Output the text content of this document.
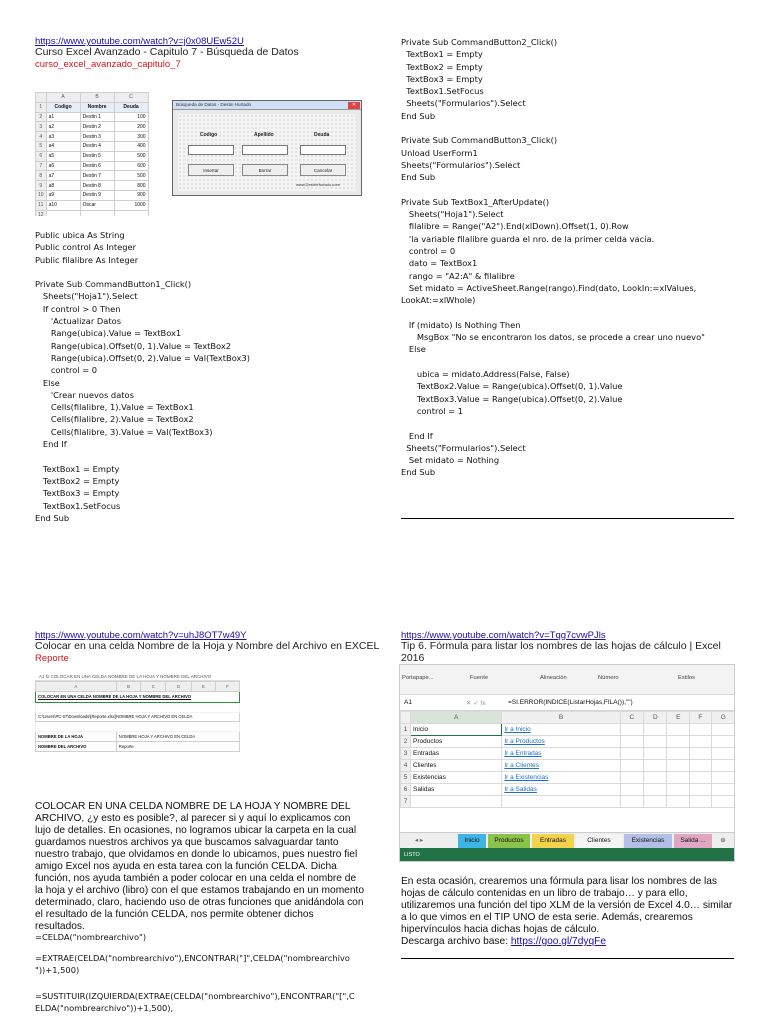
https://www.youtube.com/watch?v=j0x08UEw52U
Curso Excel Avanzado - Capitulo 7 - Búsqueda de Datos
curso_excel_avanzado_capitulo_7
	A	B	C
1	Codigo	Nombre	Deuda
2	a1	Destin 1	100
3	a2	Destin 2	200
4	a3	Destin 3	300
5	a4	Destin 4	400
6	a5	Destin 5	500
7	a6	Destin 6	600
8	a7	Destin 7	500
9	a8	Destin 8	800
10	a9	Destin 9	900
11	a10	Oscar	1000
12			
Búsqueda de Datos - Destin Hurtado	✕
Codigo	Apellido	Deuda
Insertar	Borrar	Cancelar
www.DestinHurtado.com
Public ubica As String
Public control As Integer
Public filalibre As Integer

Private Sub CommandButton1_Click()
Sheets("Hoja1").Select
If control > 0 Then
'Actualizar Datos
Range(ubica).Value = TextBox1
Range(ubica).Offset(0, 1).Value = TextBox2
Range(ubica).Offset(0, 2).Value = Val(TextBox3)
control = 0
Else
'Crear nuevos datos
Cells(filalibre, 1).Value = TextBox1
Cells(filalibre, 2).Value = TextBox2
Cells(filalibre, 3).Value = Val(TextBox3)
End If

TextBox1 = Empty
TextBox2 = Empty
TextBox3 = Empty
TextBox1.SetFocus
End Sub
Private Sub CommandButton2_Click()
TextBox1 = Empty
TextBox2 = Empty
TextBox3 = Empty
TextBox1.SetFocus
Sheets("Formularios").Select
End Sub

Private Sub CommandButton3_Click()
Unload UserForm1
Sheets("Formularios").Select
End Sub

Private Sub TextBox1_AfterUpdate()
Sheets("Hoja1").Select
filalibre = Range("A2").End(xlDown).Offset(1, 0).Row
'la variable filalibre guarda el nro. de la primer celda vacía.
control = 0
dato = TextBox1
rango = "A2:A" & filalibre
Set midato = ActiveSheet.Range(rango).Find(dato, LookIn:=xlValues,
LookAt:=xlWhole)

If (midato) Is Nothing Then
MsgBox "No se encontraron los datos, se procede a crear uno nuevo"
Else

ubica = midato.Address(False, False)
TextBox2.Value = Range(ubica).Offset(0, 1).Value
TextBox3.Value = Range(ubica).Offset(0, 2).Value
control = 1

End If
Sheets("Formularios").Select
Set midato = Nothing
End Sub
https://www.youtube.com/watch?v=uhJ8OT7w49Y
Colocar en una celda Nombre de la Hoja y Nombre del Archivo en EXCEL
Reporte
A1 fx COLOCAR EN UNA CELDA NOMBRE DE LA HOJA Y NOMBRE DEL ARCHIVO
A	B	C	D	E	F
COLOCAR EN UNA CELDA NOMBRE DE LA HOJA Y NOMBRE DEL ARCHIVO					

C:\Users\PC-07\Downloads\[Reporte.xlsx]NOMBRE HOJA Y ARCHIVO EN CELDA					

NOMBRE DE LA HOJA	NOMBRE HOJA Y ARCHIVO EN CELDA				
NOMBRE DEL ARCHIVO	Reporte				
COLOCAR EN UNA CELDA NOMBRE DE LA HOJA Y NOMBRE DEL ARCHIVO, ¿y esto es posible?, al parecer si y aquí lo explicamos con lujo de detalles. En ocasiones, no logramos ubicar la carpeta en la cual guardamos nuestros archivos ya que buscamos salvaguardar tanto nuestro trabajo, que olvidamos en donde lo ubicamos, pues nuestro fiel amigo Excel nos ayuda en esta tarea con la función CELDA. Dicha función, nos ayuda también a poder colocar en una celda el nombre de la hoja y el archivo (libro) con el que estamos trabajando en un momento determinado, claro, haciendo uso de otras funciones que anidándola con el resultado de la función CELDA, nos permite obtener dichos resultados.
=CELDA("nombrearchivo")
=EXTRAE(CELDA("nombrearchivo"),ENCONTRAR("]",CELDA("nombrearchivo
"))+1,500)
=SUSTITUIR(IZQUIERDA(EXTRAE(CELDA("nombrearchivo"),ENCONTRAR("[",C
ELDA("nombrearchivo"))+1,500),
https://www.youtube.com/watch?v=Tqg7cvwPJls
Tip 6. Fórmula para listar los nombres de las hojas de cálculo | Excel 2016
Portapape...	Fuente	Alineación	Número	Estilos
A1	✕ ✓ fx	=SI.ERROR(INDICE(ListarHojas,FILA()),"")
	A	B	C	D	E	F	G
1	Inicio	Ir a Inicio					
2	Productos	Ir a Productos					
3	Entradas	Ir a Entradas					
4	Clientes	Ir a Clientes					
5	Existencias	Ir a Existencias					
6	Salidas	Ir a Salidas					
7							
◂ ▸	Inicio	Productos	Entradas	Clientes	Existencias	Salida ...	⊕
LISTO
En esta ocasión, crearemos una fórmula para lisar los nombres de las hojas de cálculo contenidas en un libro de trabajo… y para ello, utilizaremos una función del tipo XLM de la versión de Excel 4.0… similar a lo que vimos en el TIP UNO de esta serie. Además, crearemos hipervínculos hacia dichas hojas de cálculo.
Descarga archivo base: https://goo.gl/7dyqFe
